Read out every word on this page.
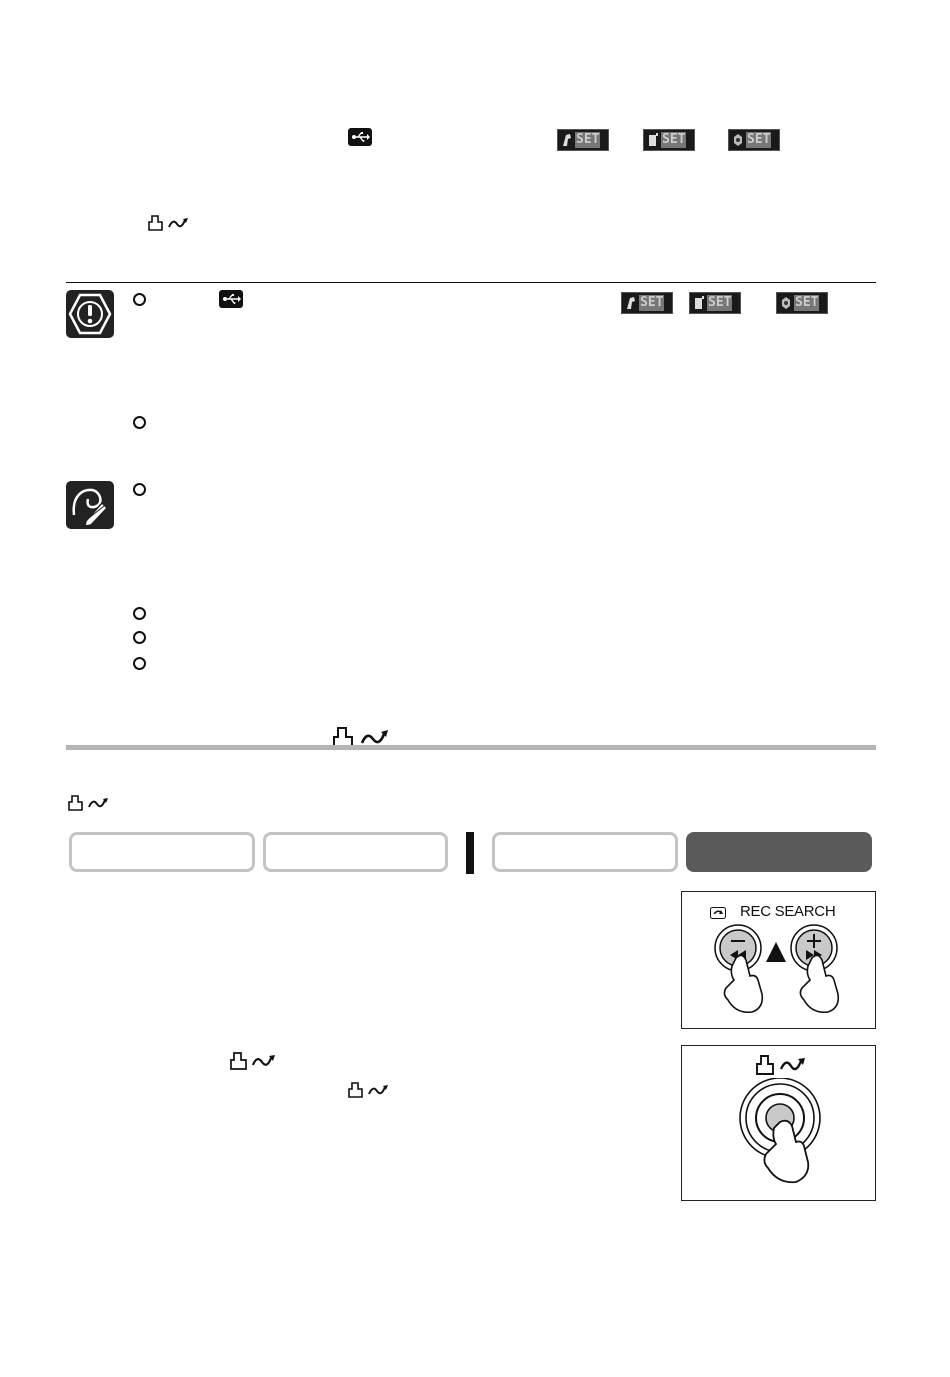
SET	SET	SET
SET	SET	SET
REC SEARCH
